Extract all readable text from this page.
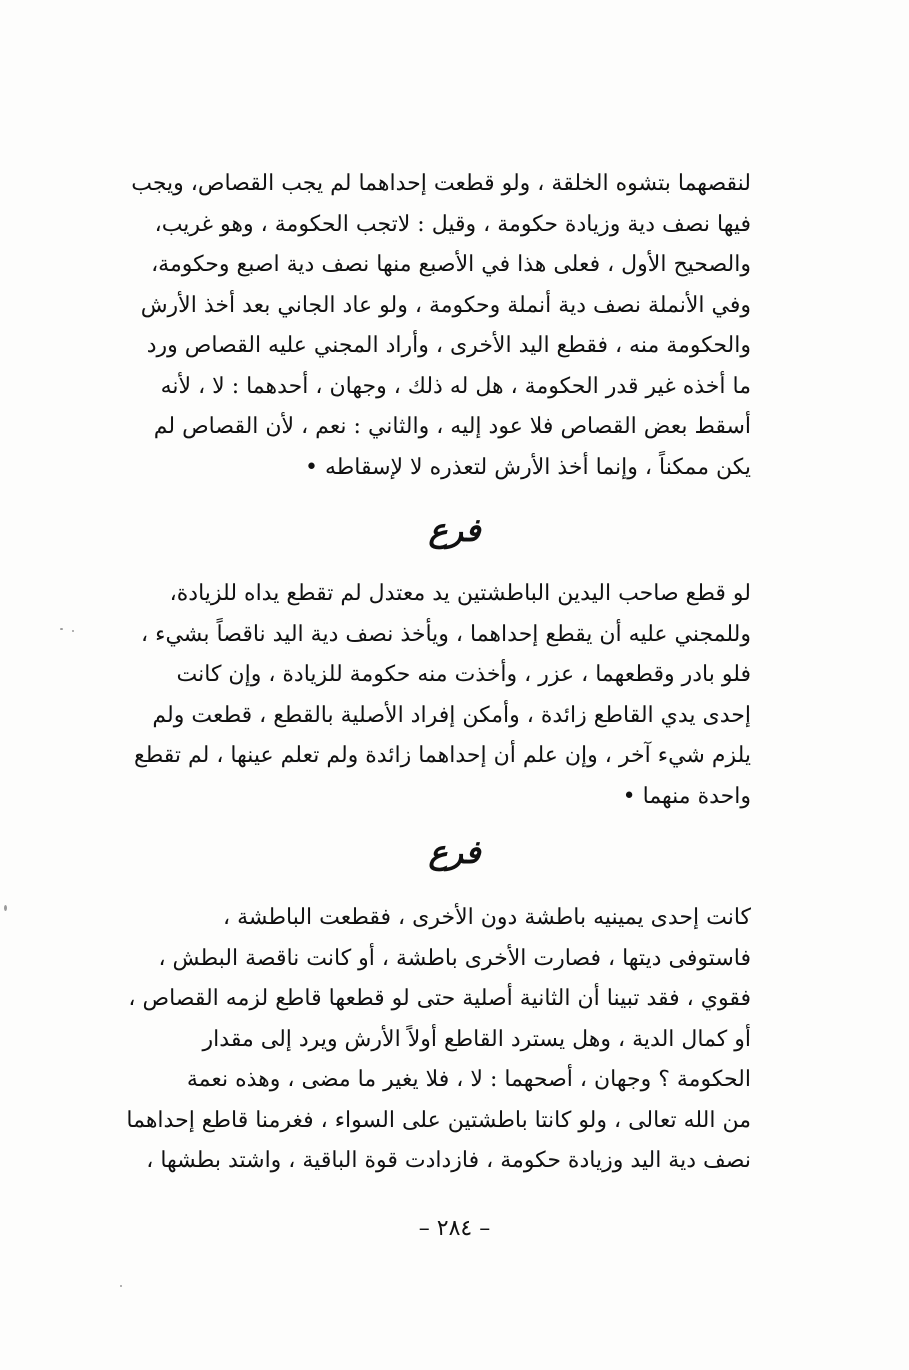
لنقصهما بتشوه الخلقة ، ولو قطعت إحداهما لم يجب القصاص، ويجب
فيها نصف دية وزيادة حكومة ، وقيل : لاتجب الحكومة ، وهو غريب،
والصحيح الأول ، فعلى هذا في الأصبع منها نصف دية اصبع وحكومة،
وفي الأنملة نصف دية أنملة وحكومة ، ولو عاد الجاني بعد أخذ الأرش
والحكومة منه ، فقطع اليد الأخرى ، وأراد المجني عليه القصاص ورد
ما أخذه غير قدر الحكومة ، هل له ذلك ، وجهان ، أحدهما : لا ، لأنه
أسقط بعض القصاص فلا عود إليه ، والثاني : نعم ، لأن القصاص لم
يكن ممكناً ، وإنما أخذ الأرش لتعذره لا لإسقاطه •
فرع
لو قطع صاحب اليدين الباطشتين يد معتدل لم تقطع يداه للزيادة،
وللمجني عليه أن يقطع إحداهما ، ويأخذ نصف دية اليد ناقصاً بشيء ،
فلو بادر وقطعهما ، عزر ، وأخذت منه حكومة للزيادة ، وإن كانت
إحدى يدي القاطع زائدة ، وأمكن إفراد الأصلية بالقطع ، قطعت ولم
يلزم شيء آخر ، وإن علم أن إحداهما زائدة ولم تعلم عينها ، لم تقطع
واحدة منهما •
فرع
كانت إحدى يمينيه باطشة دون الأخرى ، فقطعت الباطشة ،
فاستوفى ديتها ، فصارت الأخرى باطشة ، أو كانت ناقصة البطش ،
فقوي ، فقد تبينا أن الثانية أصلية حتى لو قطعها قاطع لزمه القصاص ،
أو كمال الدية ، وهل يسترد القاطع أولاً الأرش ويرد إلى مقدار
الحكومة ؟ وجهان ، أصحهما : لا ، فلا يغير ما مضى ، وهذه نعمة
من الله تعالى ، ولو كانتا باطشتين على السواء ، فغرمنا قاطع إحداهما
نصف دية اليد وزيادة حكومة ، فازدادت قوة الباقية ، واشتد بطشها ،
– ٢٨٤ –
